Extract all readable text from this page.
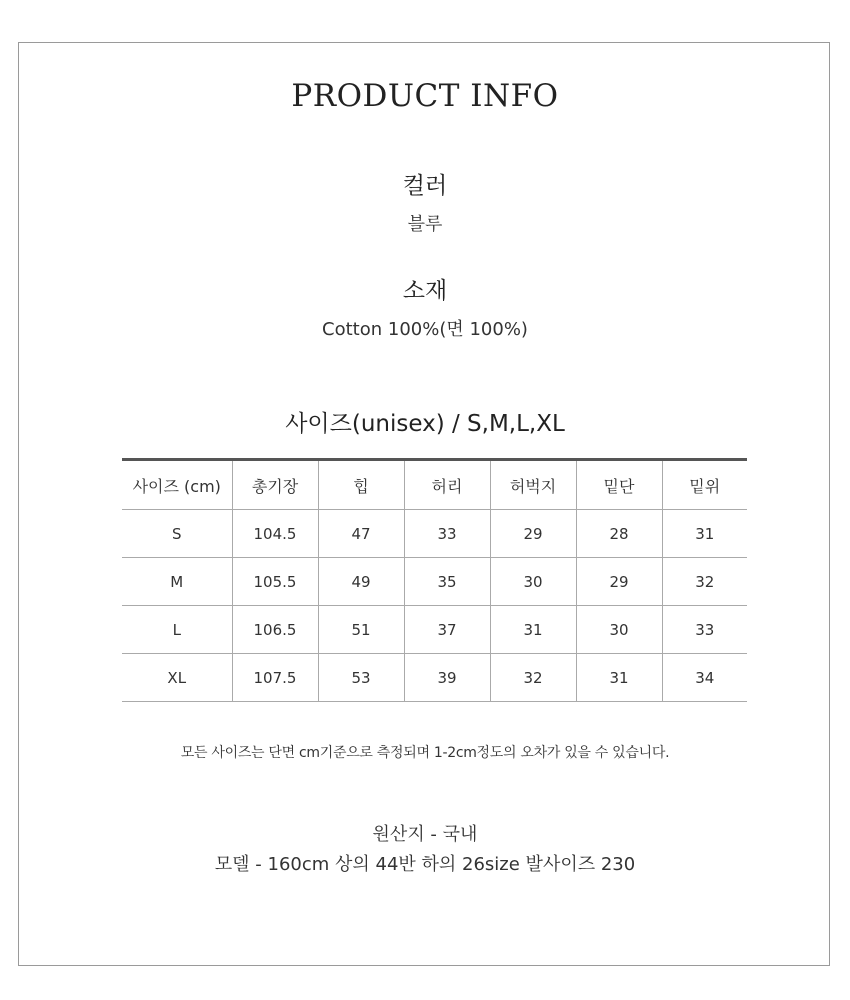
PRODUCT INFO
컬러
블루
소재
Cotton 100%(면 100%)
사이즈(unisex) / S,M,L,XL
사이즈 (cm)	총기장	힙	허리	허벅지	밑단	밑위
S	104.5	47	33	29	28	31
M	105.5	49	35	30	29	32
L	106.5	51	37	31	30	33
XL	107.5	53	39	32	31	34
모든 사이즈는 단면 cm기준으로 측정되며 1-2cm정도의 오차가 있을 수 있습니다.
원산지 - 국내
모델 - 160cm 상의 44반 하의 26size 발사이즈 230
